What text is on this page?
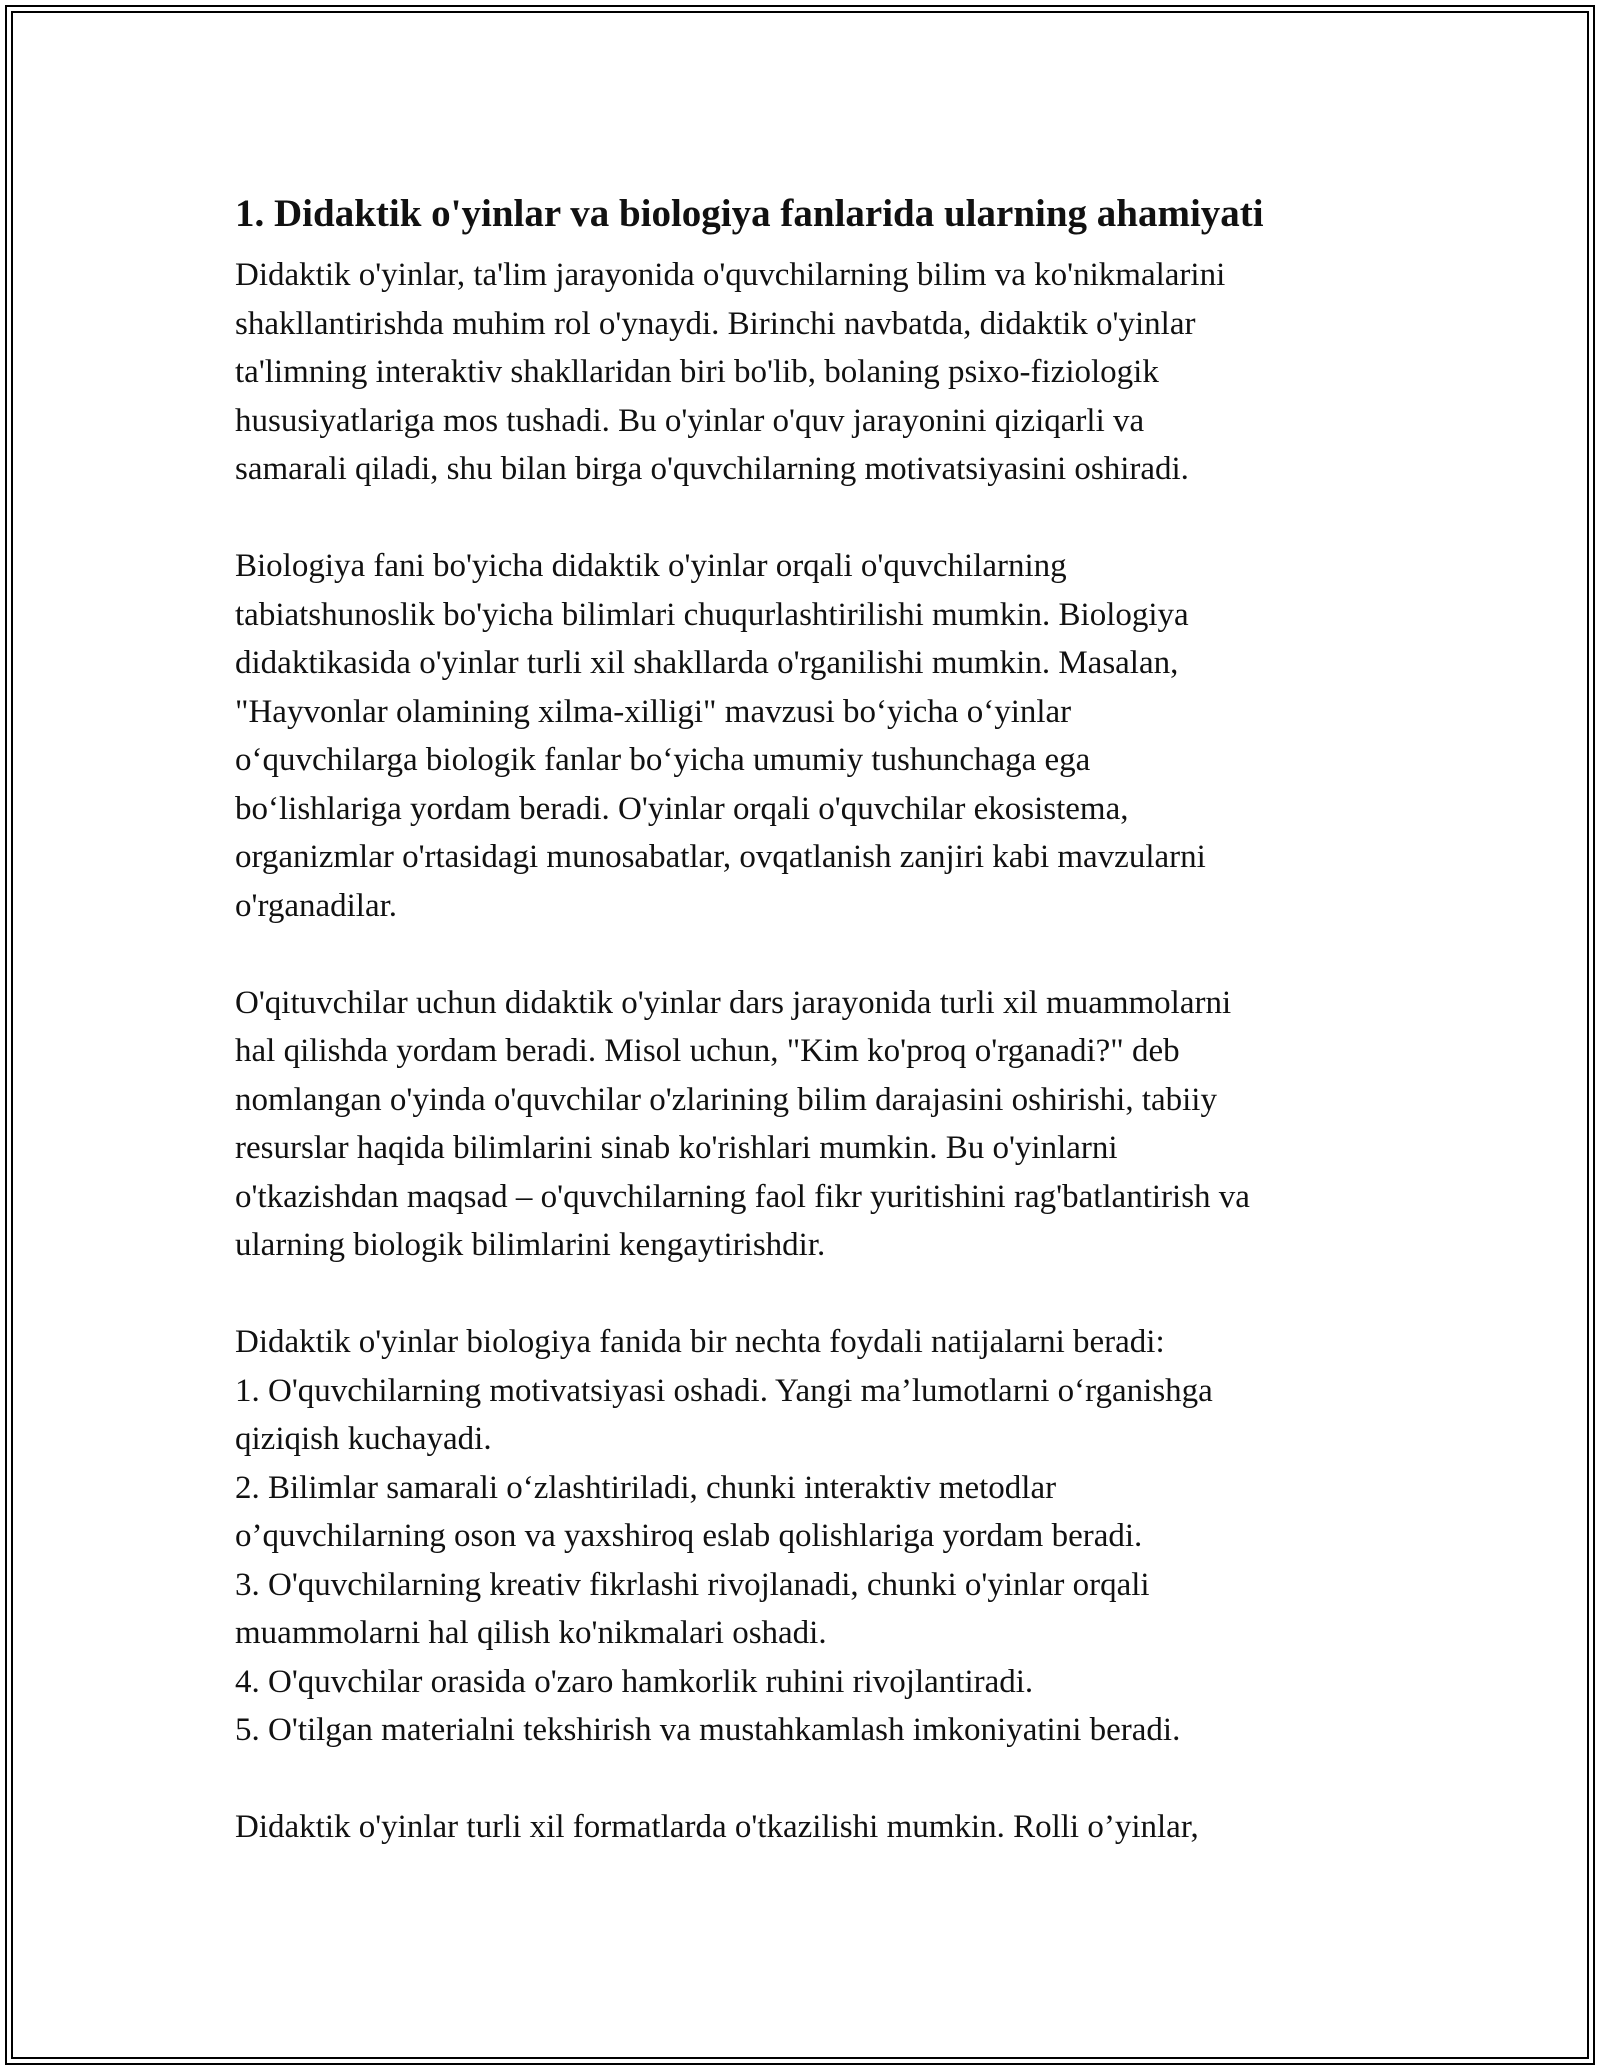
1. Didaktik o'yinlar va biologiya fanlarida ularning ahamiyati

Didaktik o'yinlar, ta'lim jarayonida o'quvchilarning bilim va ko'nikmalarini
shakllantirishda muhim rol o'ynaydi. Birinchi navbatda, didaktik o'yinlar
ta'limning interaktiv shakllaridan biri bo'lib, bolaning psixo-fiziologik
hususiyatlariga mos tushadi. Bu o'yinlar o'quv jarayonini qiziqarli va
samarali qiladi, shu bilan birga o'quvchilarning motivatsiyasini oshiradi.

Biologiya fani bo'yicha didaktik o'yinlar orqali o'quvchilarning
tabiatshunoslik bo'yicha bilimlari chuqurlashtirilishi mumkin. Biologiya
didaktikasida o'yinlar turli xil shakllarda o'rganilishi mumkin. Masalan,
"Hayvonlar olamining xilma-xilligi" mavzusi bo‘yicha o‘yinlar
o‘quvchilarga biologik fanlar bo‘yicha umumiy tushunchaga ega
bo‘lishlariga yordam beradi. O'yinlar orqali o'quvchilar ekosistema,
organizmlar o'rtasidagi munosabatlar, ovqatlanish zanjiri kabi mavzularni
o'rganadilar.

O'qituvchilar uchun didaktik o'yinlar dars jarayonida turli xil muammolarni
hal qilishda yordam beradi. Misol uchun, "Kim ko'proq o'rganadi?" deb
nomlangan o'yinda o'quvchilar o'zlarining bilim darajasini oshirishi, tabiiy
resurslar haqida bilimlarini sinab ko'rishlari mumkin. Bu o'yinlarni
o'tkazishdan maqsad – o'quvchilarning faol fikr yuritishini rag'batlantirish va
ularning biologik bilimlarini kengaytirishdir.

Didaktik o'yinlar biologiya fanida bir nechta foydali natijalarni beradi:
1. O'quvchilarning motivatsiyasi oshadi. Yangi ma’lumotlarni o‘rganishga
qiziqish kuchayadi.
2. Bilimlar samarali o‘zlashtiriladi, chunki interaktiv metodlar
o’quvchilarning oson va yaxshiroq eslab qolishlariga yordam beradi.
3. O'quvchilarning kreativ fikrlashi rivojlanadi, chunki o'yinlar orqali
muammolarni hal qilish ko'nikmalari oshadi.
4. O'quvchilar orasida o'zaro hamkorlik ruhini rivojlantiradi.
5. O'tilgan materialni tekshirish va mustahkamlash imkoniyatini beradi.

Didaktik o'yinlar turli xil formatlarda o'tkazilishi mumkin. Rolli o’yinlar,
